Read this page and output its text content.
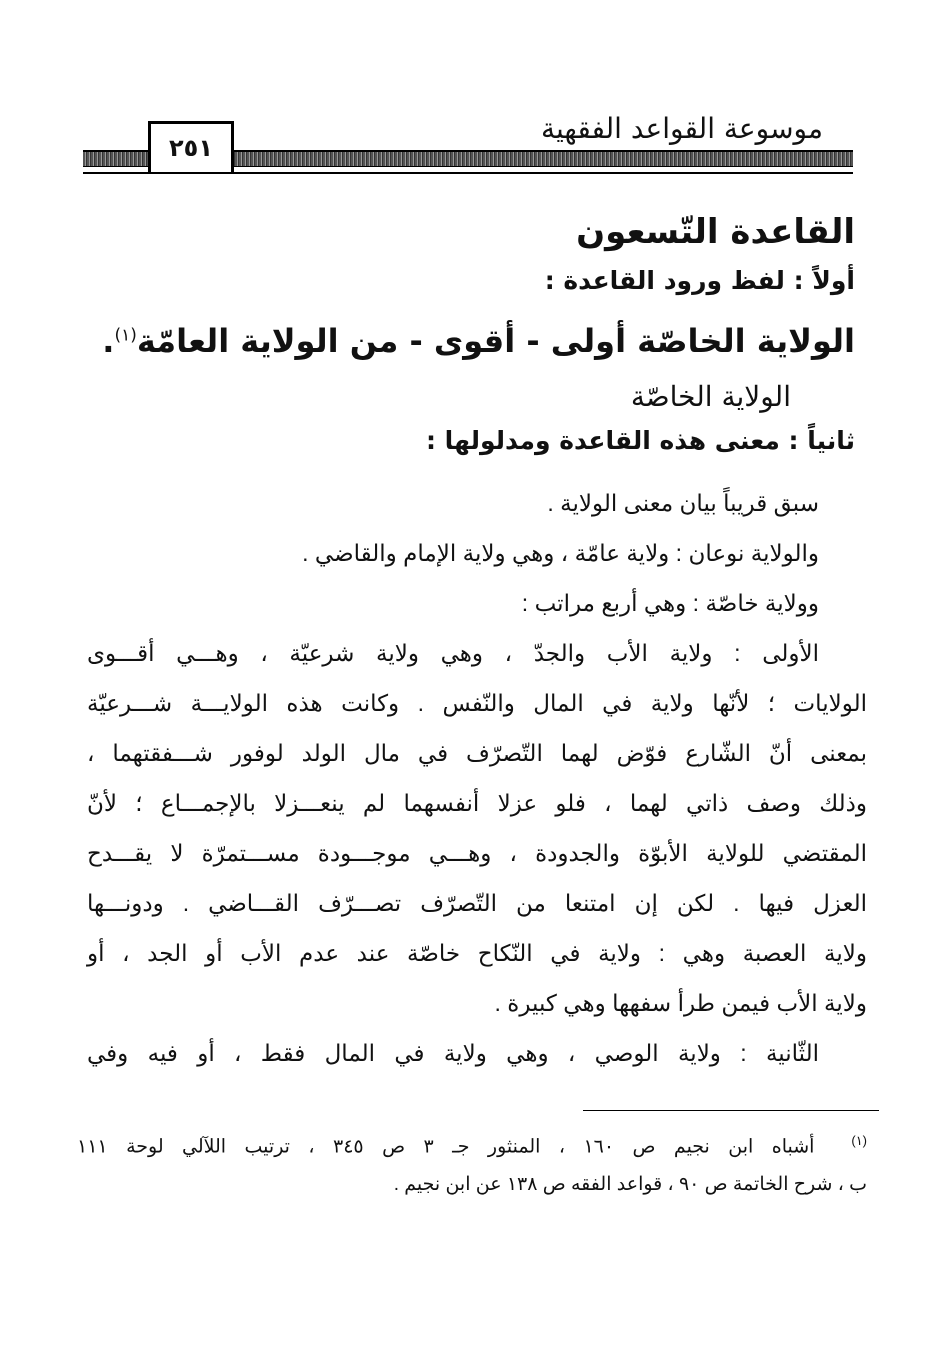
موسوعة القواعد الفقهية
٢٥١
القاعدة التّسعون
أولاً : لفظ ورود القاعدة :
الولاية الخاصّة أولى - أقوى - من الولاية العامّة$^{(١)}$.
الولاية الخاصّة
ثانياً : معنى هذه القاعدة ومدلولها :

سبق قريباً بيان معنى الولاية .

والولاية نوعان : ولاية عامّة ، وهي ولاية الإمام والقاضي .

وولاية خاصّة : وهي أربع مراتب :

الأولى : ولاية الأب والجدّ ، وهي ولاية شرعيّة ، وهـــي أقـــوى

الولايات ؛ لأنّها ولاية في المال والنّفس . وكانت هذه الولايـــة شـــرعيّة

بمعنى أنّ الشّارع فوّض لهما التّصرّف في مال الولد لوفور شـــفقتهما ،

وذلك وصف ذاتي لهما ، فلو عزلا أنفسهما لم ينعـــزلا بالإجمـــاع ؛ لأنّ

المقتضي للولاية الأبوّة والجدودة ، وهـــي موجـــودة مســـتمرّة لا يقـــدح

العزل فيها . لكن إن امتنعا من التّصرّف تصـــرّف القـــاضي . ودونـــها

ولاية العصبة وهي : ولاية في النّكاح خاصّة عند عدم الأب أو الجد ، أو

ولاية الأب فيمن طرأ سفهها وهي كبيرة .

الثّانية : ولاية الوصي ، وهي ولاية في المال فقط ، أو فيه وفي

$^{(١)}$  أشباه ابن نجيم ص ١٦٠ ، المنثور جـ ٣ ص ٣٤٥ ، ترتيب اللآلي لوحة ١١١

ب ، شرح الخاتمة ص ٩٠ ، قواعد الفقه ص ١٣٨ عن ابن نجيم .
